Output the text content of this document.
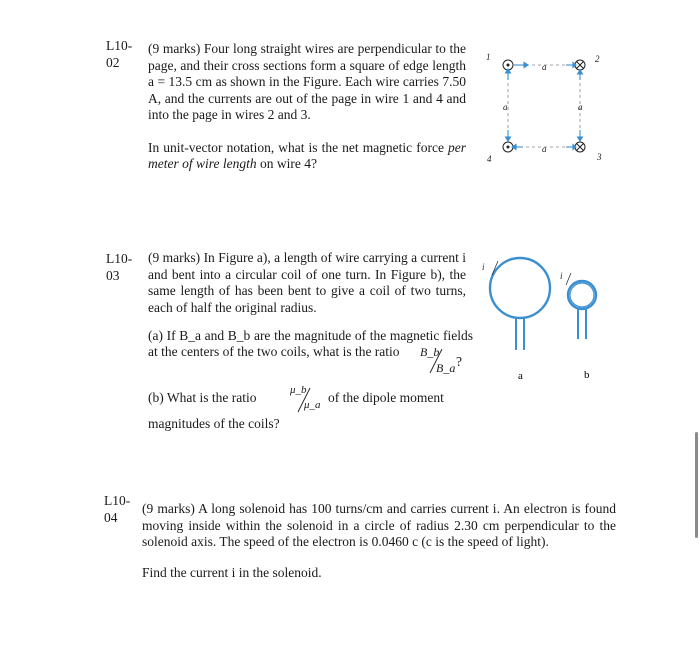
L10-
02

(9 marks) Four long straight wires are perpendicular to the page, and their cross sections form a square of edge length a = 13.5 cm as shown in the Figure. Each wire carries 7.50 A, and the currents are out of the page in wire 1 and 4 and into the page in wires 2 and 3.

In unit-vector notation, what is the net magnetic force per meter of wire length on wire 4?

1	2
3
4
a
a
a	a
L10-
03
(9 marks) In Figure a), a length of wire carrying a current i and bent into a circular coil of one turn. In Figure b), the same length of has been bent to give a coil of two turns, each of half the original radius.
(a) If B_a and B_b are the magnitude of the magnetic fields at the centers of the two coils, what is the ratio	B_b
B_a ?
(b) What is the ratio	μ_b
μ_a of the dipole moment
magnitudes of the coils?
i
i
a	b
L10-
04
(9 marks) A long solenoid has 100 turns/cm and carries current i. An electron is found moving inside within the solenoid in a circle of radius 2.30 cm perpendicular to the solenoid axis. The speed of the electron is 0.0460 c (c is the speed of light).
Find the current i in the solenoid.
